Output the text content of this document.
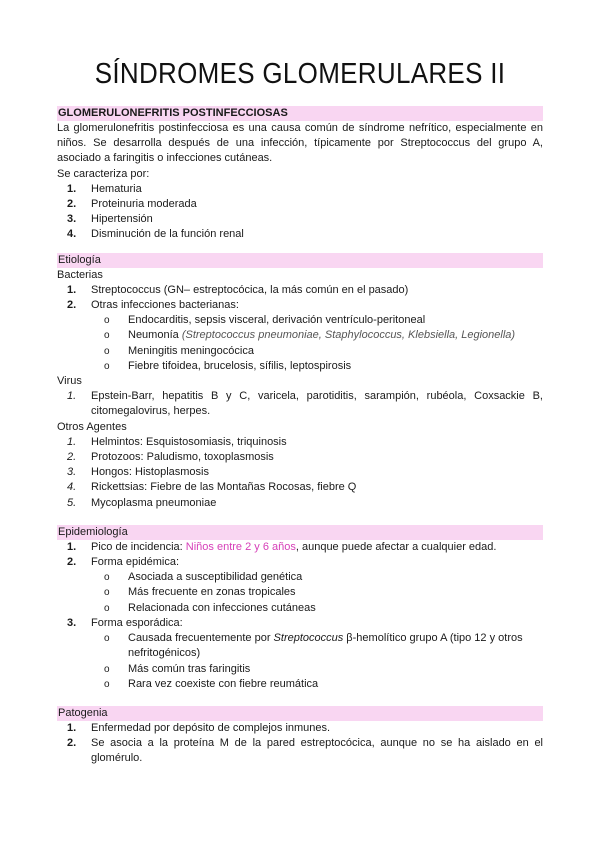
SÍNDROMES GLOMERULARES II
GLOMERULONEFRITIS POSTINFECCIOSAS

La glomerulonefritis postinfecciosa es una causa común de síndrome nefrítico, especialmente en niños. Se desarrolla después de una infección, típicamente por Streptococcus del grupo A, asociado a faringitis o infecciones cutáneas.

Se caracteriza por:

1. Hematuria
2. Proteinuria moderada
3. Hipertensión
4. Disminución de la función renal
Etiología

Bacterias

1. Streptococcus (GN– estreptocócica, la más común en el pasado)
2. Otras infecciones bacterianas:
o Endocarditis, sepsis visceral, derivación ventrículo-peritoneal
o Neumonía (Streptococcus pneumoniae, Staphylococcus, Klebsiella, Legionella)
o Meningitis meningocócica
o Fiebre tifoidea, brucelosis, sífilis, leptospirosis

Virus

1. Epstein-Barr, hepatitis B y C, varicela, parotiditis, sarampión, rubéola, Coxsackie B, citomegalovirus, herpes.

Otros Agentes

1. Helmintos: Esquistosomiasis, triquinosis
2. Protozoos: Paludismo, toxoplasmosis
3. Hongos: Histoplasmosis
4. Rickettsias: Fiebre de las Montañas Rocosas, fiebre Q
5. Mycoplasma pneumoniae
Epidemiología
1. Pico de incidencia: Niños entre 2 y 6 años, aunque puede afectar a cualquier edad.
2. Forma epidémica:
o Asociada a susceptibilidad genética
o Más frecuente en zonas tropicales
o Relacionada con infecciones cutáneas
3. Forma esporádica:
o Causada frecuentemente por Streptococcus β-hemolítico grupo A (tipo 12 y otros nefritogénicos)
o Más común tras faringitis
o Rara vez coexiste con fiebre reumática
Patogenia
1. Enfermedad por depósito de complejos inmunes.
2. Se asocia a la proteína M de la pared estreptocócica, aunque no se ha aislado en el glomérulo.
